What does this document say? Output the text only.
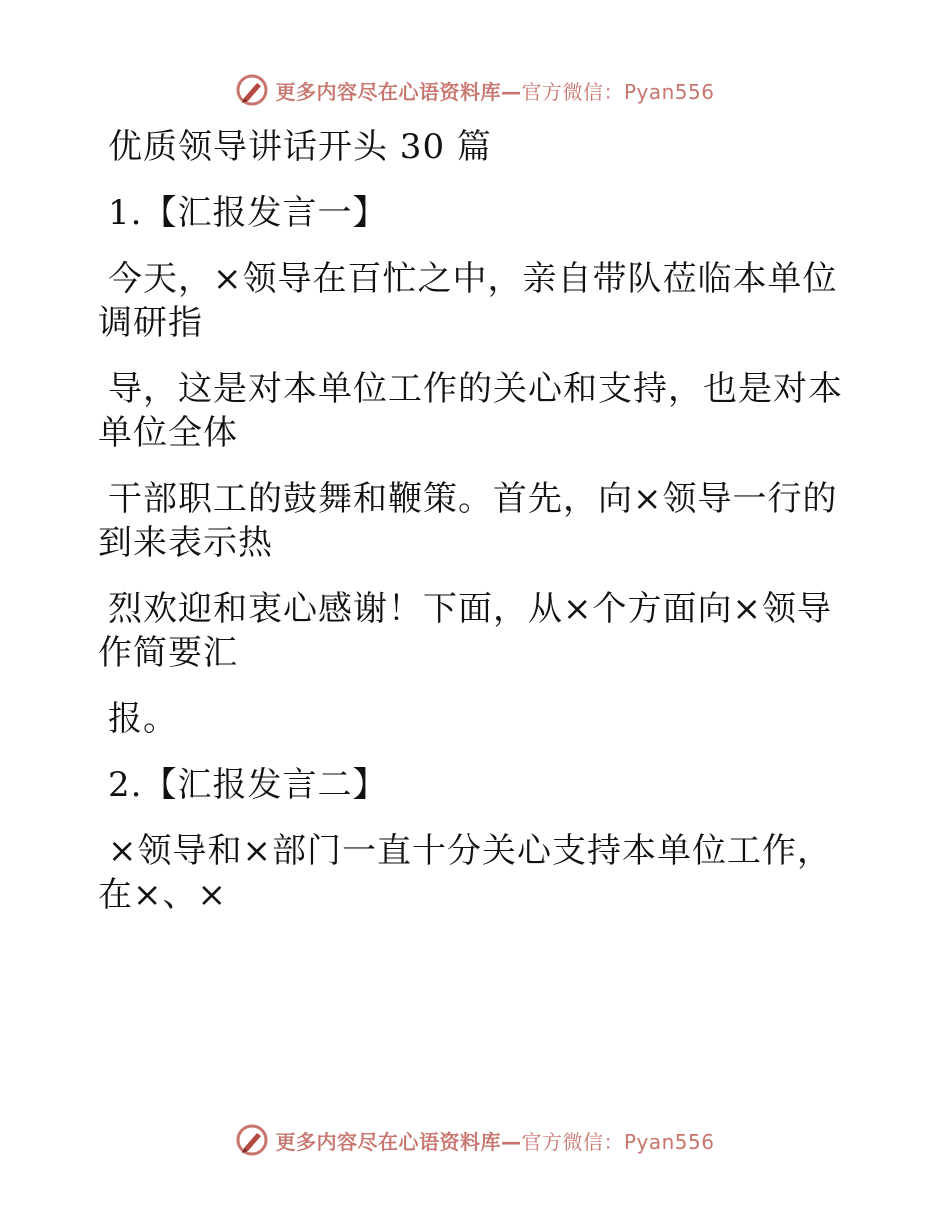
更多内容尽在心语资料库—官方微信：Pyan556
优质领导讲话开头 30 篇
1.【汇报发言一】
今天，×领导在百忙之中，亲自带队莅临本单位
调研指
导，这是对本单位工作的关心和支持，也是对本
单位全体
干部职工的鼓舞和鞭策。首先，向×领导一行的
到来表示热
烈欢迎和衷心感谢！下面，从×个方面向×领导
作简要汇
报。
2.【汇报发言二】
×领导和×部门一直十分关心支持本单位工作，
在×、×
更多内容尽在心语资料库—官方微信：Pyan556
